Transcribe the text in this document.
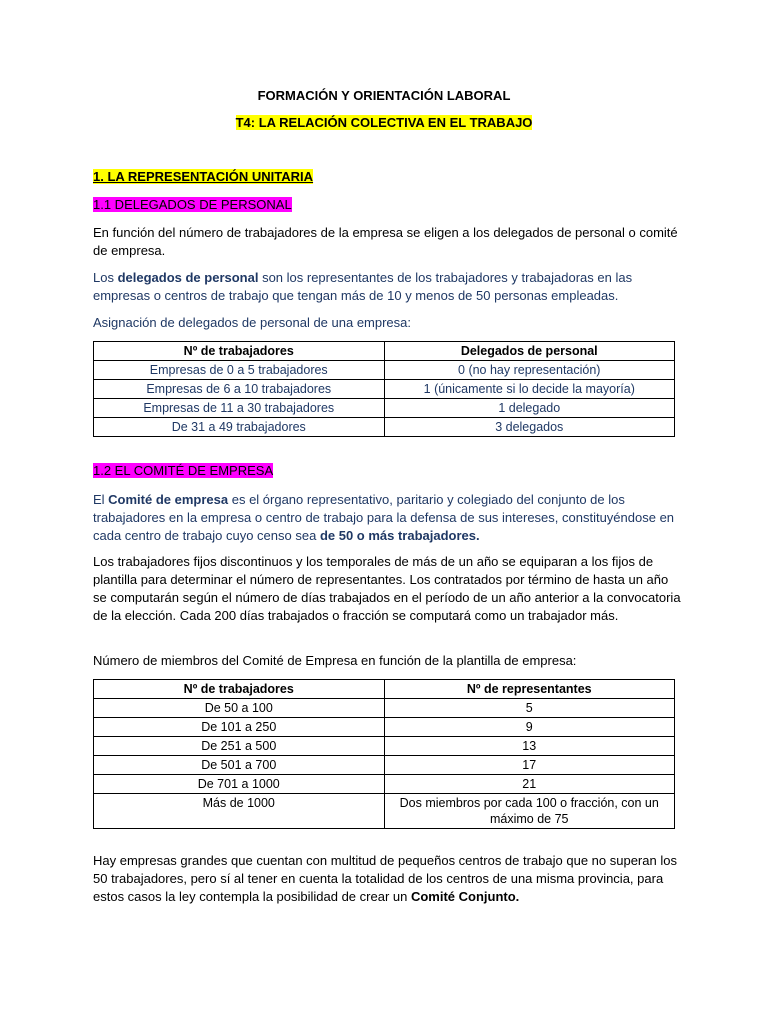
FORMACIÓN Y ORIENTACIÓN LABORAL
T4: LA RELACIÓN COLECTIVA EN EL TRABAJO
1. LA REPRESENTACIÓN UNITARIA
1.1 DELEGADOS DE PERSONAL
En función del número de trabajadores de la empresa se eligen a los delegados de personal o comité de empresa.
Los delegados de personal son los representantes de los trabajadores y trabajadoras en las empresas o centros de trabajo que tengan más de 10 y menos de 50 personas empleadas.
Asignación de delegados de personal de una empresa:
Nº de trabajadores	Delegados de personal
Empresas de 0 a 5 trabajadores	0 (no hay representación)
Empresas de 6 a 10 trabajadores	1 (únicamente si lo decide la mayoría)
Empresas de 11 a 30 trabajadores	1 delegado
De 31 a 49 trabajadores	3 delegados
1.2 EL COMITÉ DE EMPRESA
El Comité de empresa es el órgano representativo, paritario y colegiado del conjunto de los trabajadores en la empresa o centro de trabajo para la defensa de sus intereses, constituyéndose en cada centro de trabajo cuyo censo sea de 50 o más trabajadores.
Los trabajadores fijos discontinuos y los temporales de más de un año se equiparan a los fijos de plantilla para determinar el número de representantes. Los contratados por término de hasta un año se computarán según el número de días trabajados en el período de un año anterior a la convocatoria de la elección. Cada 200 días trabajados o fracción se computará como un trabajador más.
Número de miembros del Comité de Empresa en función de la plantilla de empresa:
Nº de trabajadores	Nº de representantes
De 50 a 100	5
De 101 a 250	9
De 251 a 500	13
De 501 a 700	17
De 701 a 1000	21
Más de 1000	Dos miembros por cada 100 o fracción, con un máximo de 75
Hay empresas grandes que cuentan con multitud de pequeños centros de trabajo que no superan los 50 trabajadores, pero sí al tener en cuenta la totalidad de los centros de una misma provincia, para estos casos la ley contempla la posibilidad de crear un Comité Conjunto.
